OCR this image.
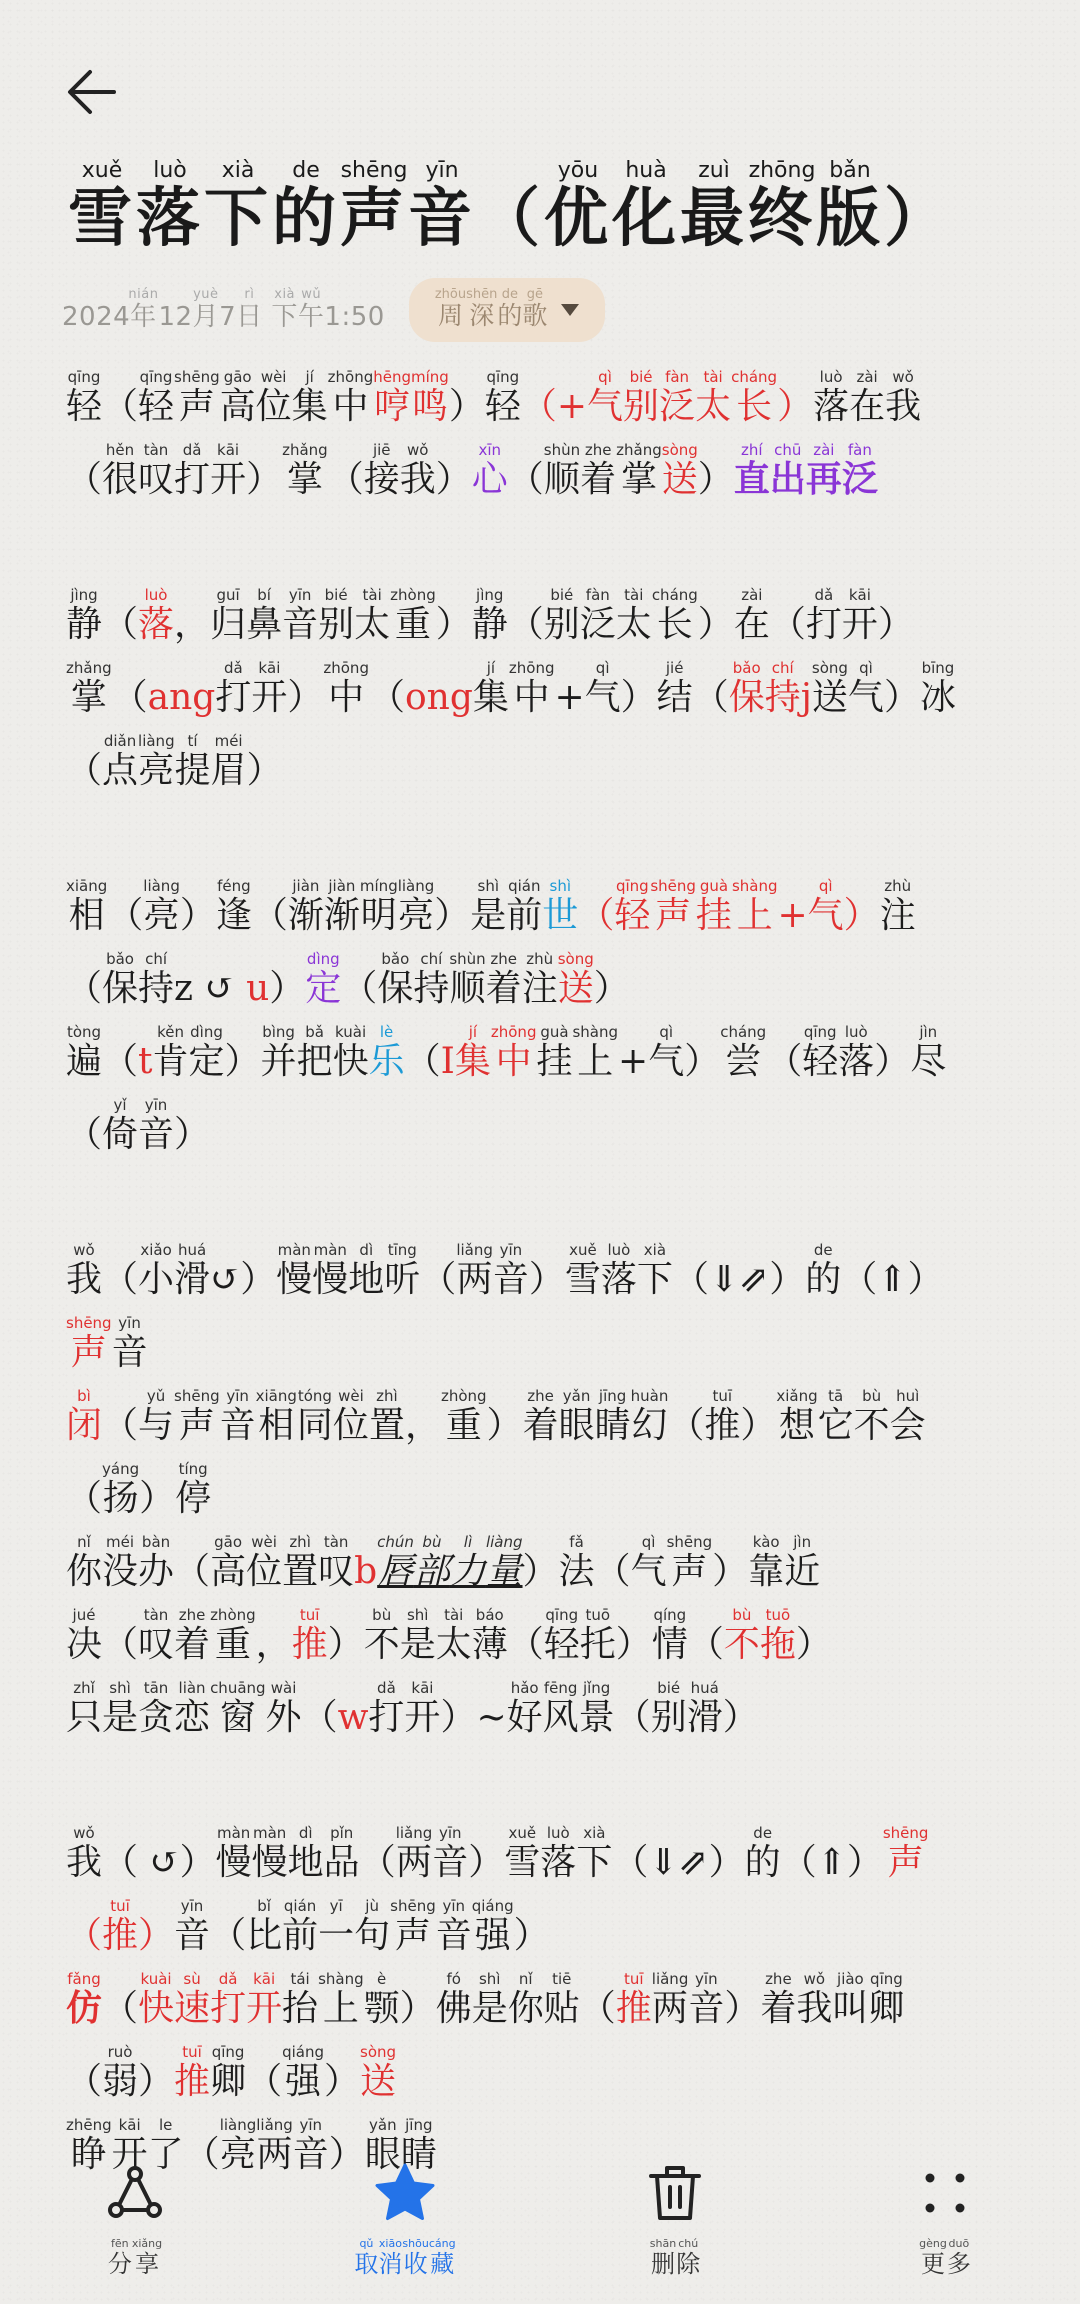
雪xuě落luò下xià的de声shēng音yīn
（优yōu化huà最zuì终zhōng版bǎn）
2024年nián12月yuè7日rì 下xià午wǔ1:50 周zhōu深shēn的de歌gē
轻qīng（轻qīng声shēng高gāo位wèi集jí中zhōng哼hēng鸣míng）轻qīng（+气qì别bié泛fàn太tài长cháng）落luò在zài我wǒ
（很hěn叹tàn打dǎ开kāi）掌zhǎng（接jiē我wǒ）心xīn（顺shùn着zhe掌zhǎng送sòng）直zhí出chū再zài泛fàn
静jìng（落luò，归guī鼻bí音yīn别bié太tài重zhòng）静jìng（别bié泛fàn太tài长cháng）在zài（打dǎ开kāi）
掌zhǎng（ang打dǎ开kāi）中zhōng（ong集jí中zhōng+气qì）结jié（保bǎo持chíj送sòng气qì）冰bīng
（点diǎn亮liàng提tí眉méi）
相xiāng（亮liàng）逢féng（渐jiàn渐jiàn明míng亮liàng）是shì前qián世shì（轻qīng声shēng挂guà上shàng+ 气qì）注zhù
（保bǎo持chíz ↺ u）定dìng（保bǎo持chí顺shùn着zhe注zhù送sòng）
遍tòng（t肯kěn定dìng）并bìng把bǎ快kuài乐lè（I集jí中zhōng挂guà上shàng+气qì）尝cháng（轻qīng落luò）尽jìn
（倚yǐ音yīn）
我wǒ（小xiǎo滑huá↺）慢màn慢màn地dì听tīng（两liǎng音yīn）雪xuě落luò下xià（⇓⇗）的de（⇑）
声shēng音yīn
闭bì（与yǔ声shēng音yīn相xiāng同tóng位wèi置zhì，重zhòng）着zhe眼yǎn睛jīng幻huàn（推tuī）想xiǎng它tā不bù会huì
（扬yáng）停tíng
你nǐ没méi办bàn（高gāo位wèi置zhì叹tànb唇chún部bù力lì量liàng）法fǎ（气qì声shēng）靠kào近jìn
决jué（叹tàn着zhe重zhòng，推tuī）不bù是shì太tài薄báo（轻qīng托tuō）情qíng（不bù拖tuō）
只zhǐ是shì贪tān恋liàn窗chuāng外wài（w打dǎ开kāi）~好hǎo风fēng景jǐng（别bié滑huá）
我wǒ（ ↺）慢màn慢màn地dì品pǐn（两liǎng音yīn）雪xuě落luò下xià（⇓⇗）的de（⇑）声shēng
（推tuī）音yīn（比bǐ前qián一yī句jù声shēng音yīn强qiáng）
仿fǎng（快kuài速sù打dǎ开kāi抬tái上shàng颚è）佛fó是shì你nǐ贴tiē（推tuī两liǎng音yīn）着zhe我wǒ叫jiào卿qīng
（弱ruò）推tuī卿qīng（强qiáng）送sòng
睁zhēng开kāi了le（亮liàng两liǎng音yīn）眼yǎn睛jīng
分fēn享xiǎng
取qǔ消xiāo收shōu藏cáng
删shān除chú
更gèng多duō
